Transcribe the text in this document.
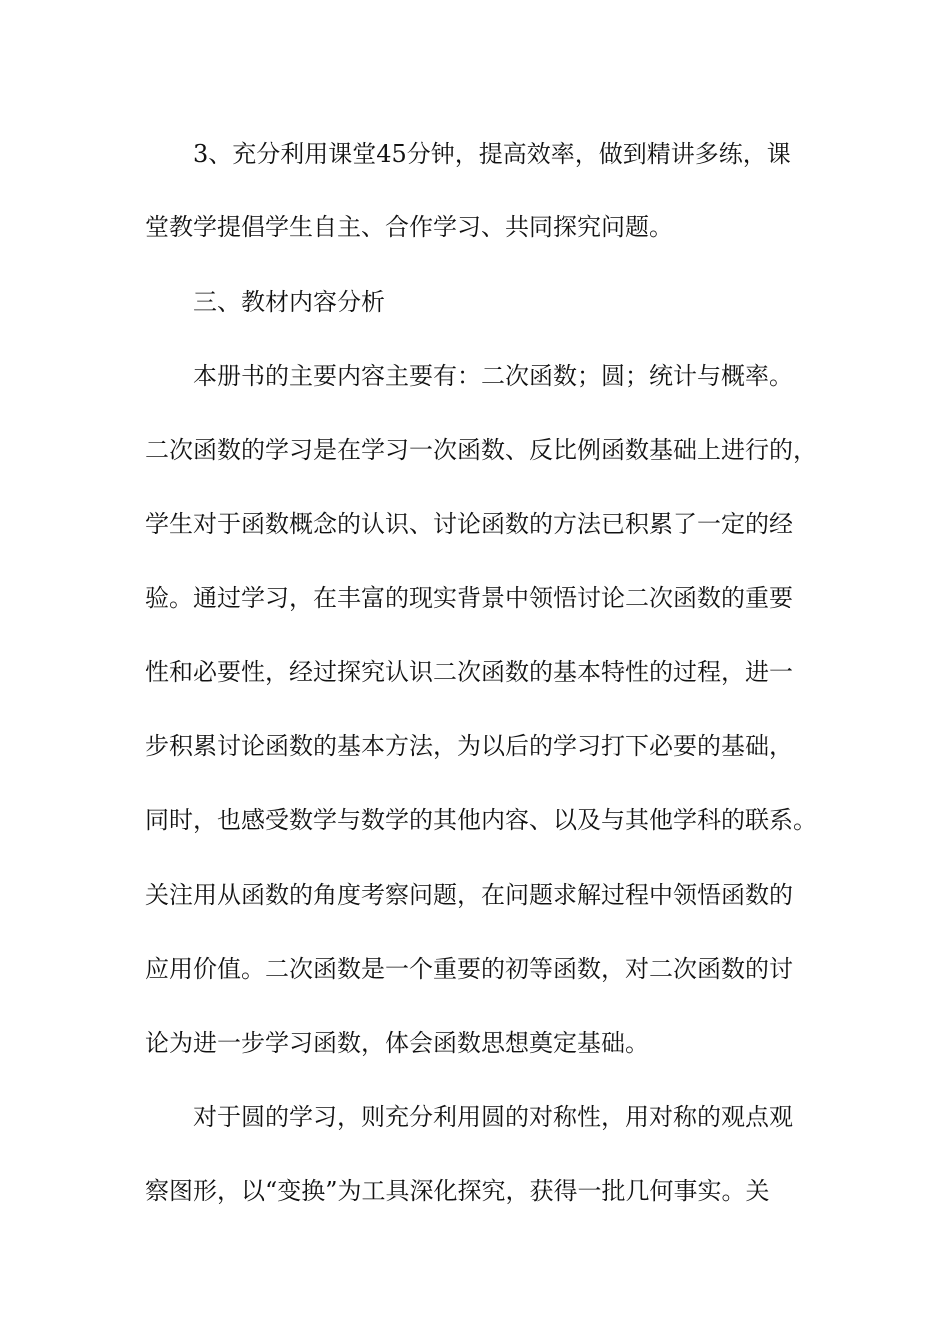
3、充分利用课堂45分钟，提高效率，做到精讲多练，课
堂教学提倡学生自主、合作学习、共同探究问题。
三、教材内容分析
本册书的主要内容主要有：二次函数；圆；统计与概率。
二次函数的学习是在学习一次函数、反比例函数基础上进行的，
学生对于函数概念的认识、讨论函数的方法已积累了一定的经
验。通过学习，在丰富的现实背景中领悟讨论二次函数的重要
性和必要性，经过探究认识二次函数的基本特性的过程，进一
步积累讨论函数的基本方法，为以后的学习打下必要的基础，
同时，也感受数学与数学的其他内容、以及与其他学科的联系。
关注用从函数的角度考察问题，在问题求解过程中领悟函数的
应用价值。二次函数是一个重要的初等函数，对二次函数的讨
论为进一步学习函数，体会函数思想奠定基础。
对于圆的学习，则充分利用圆的对称性，用对称的观点观
察图形，以“变换”为工具深化探究，获得一批几何事实。关
